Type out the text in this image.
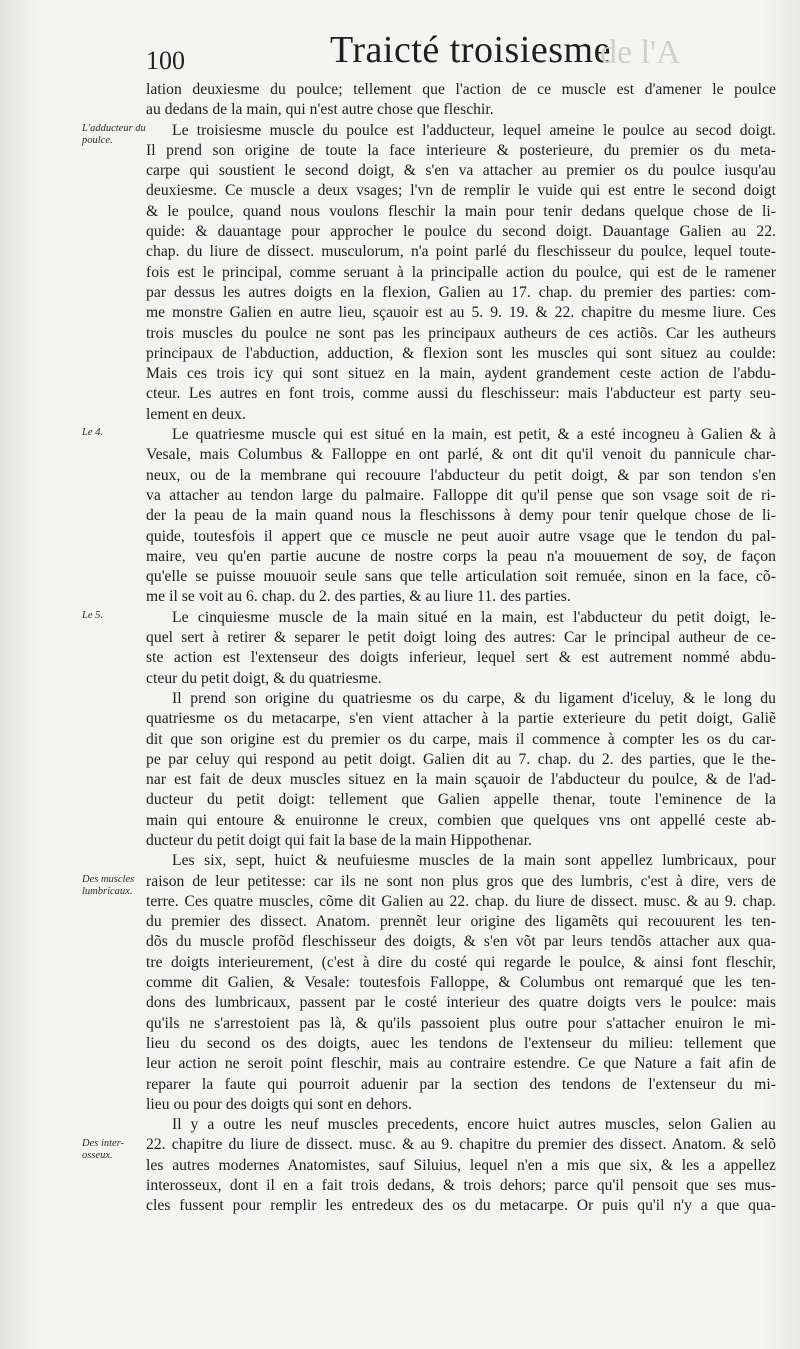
100	Traicté troisiesme
de l'A
L'adducteur du poulce.
Le 4.
Le 5.
Des muscles lumbricaux.
Des inter-osseux.
lation deuxiesme du poulce; tellement que l'action de ce muscle est d'amener le poulce
au dedans de la main, qui n'est autre chose que fleschir.
Le troisiesme muscle du poulce est l'adducteur, lequel ameine le poulce au secod doigt.
Il prend son origine de toute la face interieure & posterieure, du premier os du meta-
carpe qui soustient le second doigt, & s'en va attacher au premier os du poulce iusqu'au
deuxiesme. Ce muscle a deux vsages; l'vn de remplir le vuide qui est entre le second doigt
& le poulce, quand nous voulons fleschir la main pour tenir dedans quelque chose de li-
quide: & dauantage pour approcher le poulce du second doigt. Dauantage Galien au 22.
chap. du liure de dissect. musculorum, n'a point parlé du fleschisseur du poulce, lequel toute-
fois est le principal, comme seruant à la principalle action du poulce, qui est de le ramener
par dessus les autres doigts en la flexion, Galien au 17. chap. du premier des parties: com-
me monstre Galien en autre lieu, sçauoir est au 5. 9. 19. & 22. chapitre du mesme liure. Ces
trois muscles du poulce ne sont pas les principaux autheurs de ces actiõs. Car les autheurs
principaux de l'abduction, adduction, & flexion sont les muscles qui sont situez au coulde:
Mais ces trois icy qui sont situez en la main, aydent grandement ceste action de l'abdu-
cteur. Les autres en font trois, comme aussi du fleschisseur: mais l'abducteur est party seu-
lement en deux.
Le quatriesme muscle qui est situé en la main, est petit, & a esté incogneu à Galien & à
Vesale, mais Columbus & Falloppe en ont parlé, & ont dit qu'il venoit du pannicule char-
neux, ou de la membrane qui recouure l'abducteur du petit doigt, & par son tendon s'en
va attacher au tendon large du palmaire. Falloppe dit qu'il pense que son vsage soit de ri-
der la peau de la main quand nous la fleschissons à demy pour tenir quelque chose de li-
quide, toutesfois il appert que ce muscle ne peut auoir autre vsage que le tendon du pal-
maire, veu qu'en partie aucune de nostre corps la peau n'a mouuement de soy, de façon
qu'elle se puisse mouuoir seule sans que telle articulation soit remuée, sinon en la face, cõ-
me il se voit au 6. chap. du 2. des parties, & au liure 11. des parties.
Le cinquiesme muscle de la main situé en la main, est l'abducteur du petit doigt, le-
quel sert à retirer & separer le petit doigt loing des autres: Car le principal autheur de ce-
ste action est l'extenseur des doigts inferieur, lequel sert & est autrement nommé abdu-
cteur du petit doigt, & du quatriesme.
Il prend son origine du quatriesme os du carpe, & du ligament d'iceluy, & le long du
quatriesme os du metacarpe, s'en vient attacher à la partie exterieure du petit doigt, Galiẽ
dit que son origine est du premier os du carpe, mais il commence à compter les os du car-
pe par celuy qui respond au petit doigt. Galien dit au 7. chap. du 2. des parties, que le the-
nar est fait de deux muscles situez en la main sçauoir de l'abducteur du poulce, & de l'ad-
ducteur du petit doigt: tellement que Galien appelle thenar, toute l'eminence de la
main qui entoure & enuironne le creux, combien que quelques vns ont appellé ceste ab-
ducteur du petit doigt qui fait la base de la main Hippothenar.
Les six, sept, huict & neufuiesme muscles de la main sont appellez lumbricaux, pour
raison de leur petitesse: car ils ne sont non plus gros que des lumbris, c'est à dire, vers de
terre. Ces quatre muscles, cõme dit Galien au 22. chap. du liure de dissect. musc. & au 9. chap.
du premier des dissect. Anatom. prennẽt leur origine des ligamẽts qui recouurent les ten-
dõs du muscle profõd fleschisseur des doigts, & s'en võt par leurs tendõs attacher aux qua-
tre doigts interieurement, (c'est à dire du costé qui regarde le poulce, & ainsi font fleschir,
comme dit Galien, & Vesale: toutesfois Falloppe, & Columbus ont remarqué que les ten-
dons des lumbricaux, passent par le costé interieur des quatre doigts vers le poulce: mais
qu'ils ne s'arrestoient pas là, & qu'ils passoient plus outre pour s'attacher enuiron le mi-
lieu du second os des doigts, auec les tendons de l'extenseur du milieu: tellement que
leur action ne seroit point fleschir, mais au contraire estendre. Ce que Nature a fait afin de
reparer la faute qui pourroit aduenir par la section des tendons de l'extenseur du mi-
lieu ou pour des doigts qui sont en dehors.
Il y a outre les neuf muscles precedents, encore huict autres muscles, selon Galien au
22. chapitre du liure de dissect. musc. & au 9. chapitre du premier des dissect. Anatom. & selõ
les autres modernes Anatomistes, sauf Siluius, lequel n'en a mis que six, & les a appellez
interosseux, dont il en a fait trois dedans, & trois dehors; parce qu'il pensoit que ses mus-
cles fussent pour remplir les entredeux des os du metacarpe. Or puis qu'il n'y a que qua-
